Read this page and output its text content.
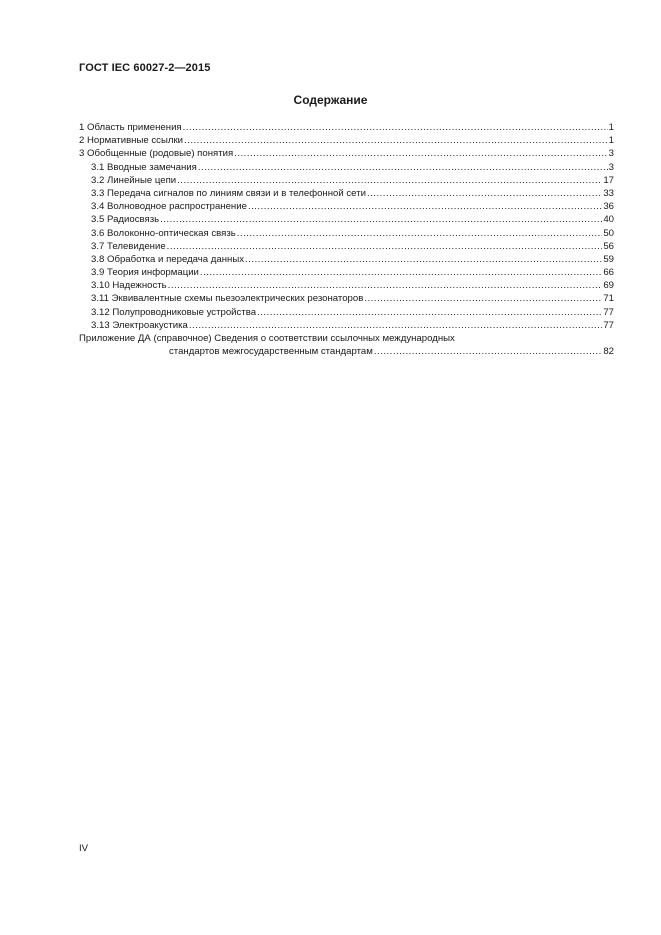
ГОСТ IEC 60027-2—2015
Содержание
1 Область применения .....	1
2 Нормативные ссылки .....	1
3 Обобщенные (родовые) понятия .....	3
3.1 Вводные замечания .....	3
3.2 Линейные цепи .....	17
3.3 Передача сигналов по линиям связи и в телефонной сети .....	33
3.4 Волноводное распространение .....	36
3.5 Радиосвязь .....	40
3.6 Волоконно-оптическая связь .....	50
3.7 Телевидение .....	56
3.8 Обработка и передача данных .....	59
3.9 Теория информации .....	66
3.10 Надежность .....	69
3.11 Эквивалентные схемы пьезоэлектрических резонаторов .....	71
3.12 Полупроводниковые устройства .....	77
3.13 Электроакустика .....	77
Приложение ДА (справочное) Сведения о соответствии ссылочных международных
стандартов межгосударственным стандартам .....	82
IV
